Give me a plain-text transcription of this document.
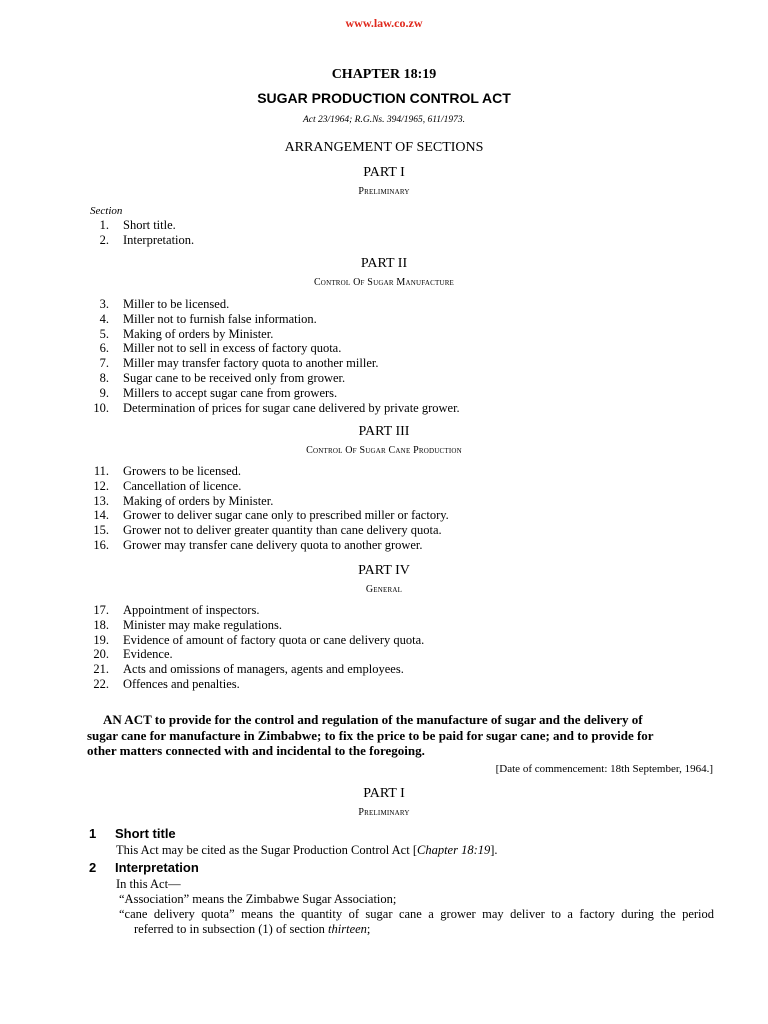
www.law.co.zw
CHAPTER 18:19
SUGAR PRODUCTION CONTROL ACT
Act 23/1964; R.G.Ns. 394/1965, 611/1973.
ARRANGEMENT OF SECTIONS
PART I
Preliminary
Section
1. Short title.
2. Interpretation.
PART II
Control Of Sugar Manufacture
3. Miller to be licensed.
4. Miller not to furnish false information.
5. Making of orders by Minister.
6. Miller not to sell in excess of factory quota.
7. Miller may transfer factory quota to another miller.
8. Sugar cane to be received only from grower.
9. Millers to accept sugar cane from growers.
10. Determination of prices for sugar cane delivered by private grower.
PART III
Control Of Sugar Cane Production
11. Growers to be licensed.
12. Cancellation of licence.
13. Making of orders by Minister.
14. Grower to deliver sugar cane only to prescribed miller or factory.
15. Grower not to deliver greater quantity than cane delivery quota.
16. Grower may transfer cane delivery quota to another grower.
PART IV
General
17. Appointment of inspectors.
18. Minister may make regulations.
19. Evidence of amount of factory quota or cane delivery quota.
20. Evidence.
21. Acts and omissions of managers, agents and employees.
22. Offences and penalties.
AN ACT to provide for the control and regulation of the manufacture of sugar and the delivery of
sugar cane for manufacture in Zimbabwe; to fix the price to be paid for sugar cane; and to provide for
other matters connected with and incidental to the foregoing.
[Date of commencement: 18th September, 1964.]
PART I
Preliminary
1 Short title
This Act may be cited as the Sugar Production Control Act [Chapter 18:19].
2 Interpretation
In this Act—
“Association” means the Zimbabwe Sugar Association;
“cane delivery quota” means the quantity of sugar cane a grower may deliver to a factory during the period
referred to in subsection (1) of section thirteen;
